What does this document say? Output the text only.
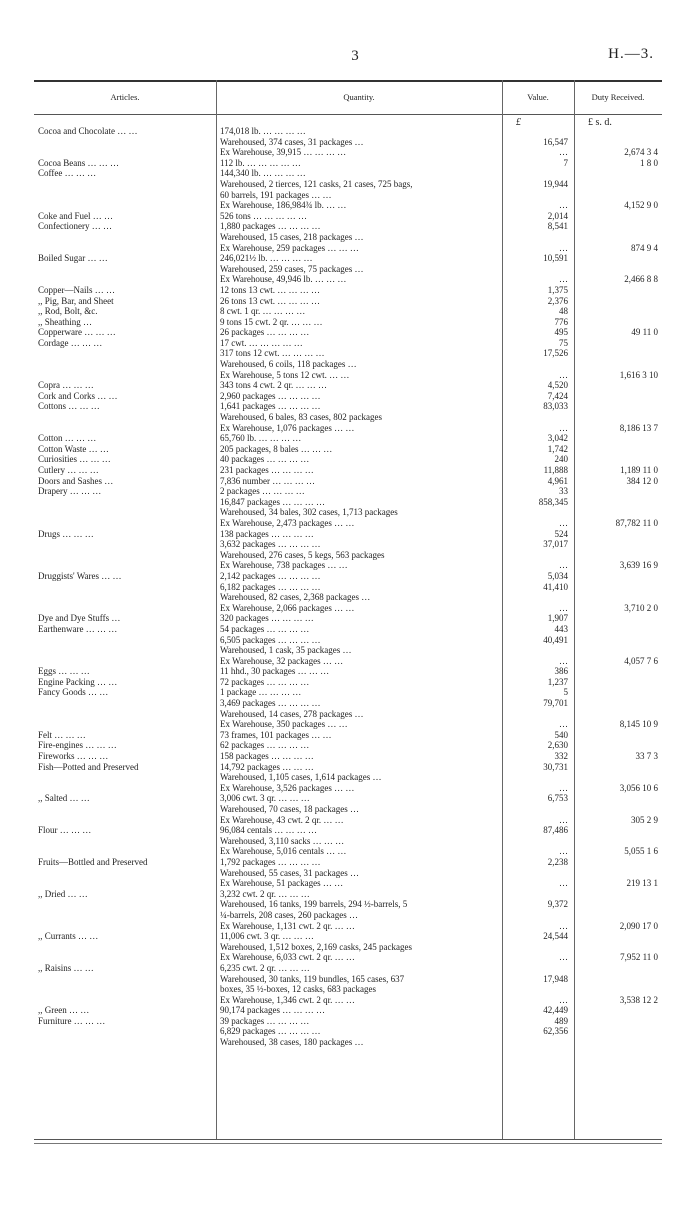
3	H.—3.
Articles.	Quantity.	Value.	Duty Received.
£	£ s. d.
Cocoa and Chocolate … …	174,018 lb. … … … …
Warehoused, 374 cases, 31 packages …	16,547
Ex Warehouse, 39,915 … … … …	…	2,674 3 4
Cocoa Beans … … …	112 lb. … … … … …	7	1 8 0
Coffee … … …	144,340 lb. … … … …
Warehoused, 2 tierces, 121 casks, 21 cases, 725 bags,	19,944
60 barrels, 191 packages … …
Ex Warehouse, 186,984¾ lb. … …	…	4,152 9 0
Coke and Fuel … …	526 tons … … … … …	2,014
Confectionery … …	1,880 packages … … … …	8,541
Warehoused, 15 cases, 218 packages …
Ex Warehouse, 259 packages … … …	…	874 9 4
Boiled Sugar … …	246,021½ lb. … … … …	10,591
Warehoused, 259 cases, 75 packages …
Ex Warehouse, 49,946 lb. … … …	…	2,466 8 8
Copper—Nails … …	12 tons 13 cwt. … … … …	1,375
,, Pig, Bar, and Sheet	26 tons 13 cwt. … … … …	2,376
,, Rod, Bolt, &c.	8 cwt. 1 qr. … … … …	48
,, Sheathing …	9 tons 15 cwt. 2 qr. … … …	776
Copperware … … …	26 packages … … … …	495	49 11 0
Cordage … … …	17 cwt. … … … … …	75
317 tons 12 cwt. … … … …	17,526
Warehoused, 6 coils, 118 packages …
Ex Warehouse, 5 tons 12 cwt. … …	…	1,616 3 10
Copra … … …	343 tons 4 cwt. 2 qr. … … …	4,520
Cork and Corks … …	2,960 packages … … … …	7,424
Cottons … … …	1,641 packages … … … …	83,033
Warehoused, 6 bales, 83 cases, 802 packages
Ex Warehouse, 1,076 packages … …	…	8,186 13 7
Cotton … … …	65,760 lb. … … … …	3,042
Cotton Waste … …	205 packages, 8 bales … … …	1,742
Curiosities … … …	40 packages … … … …	240
Cutlery … … …	231 packages … … … …	11,888	1,189 11 0
Doors and Sashes …	7,836 number … … … …	4,961	384 12 0
Drapery … … …	2 packages … … … …	33
16,847 packages … … … …	858,345
Warehoused, 34 bales, 302 cases, 1,713 packages
Ex Warehouse, 2,473 packages … …	…	87,782 11 0
Drugs … … …	138 packages … … … …	524
3,632 packages … … … …	37,017
Warehoused, 276 cases, 5 kegs, 563 packages
Ex Warehouse, 738 packages … …	…	3,639 16 9
Druggists' Wares … …	2,142 packages … … … …	5,034
6,182 packages … … … …	41,410
Warehoused, 82 cases, 2,368 packages …
Ex Warehouse, 2,066 packages … …	…	3,710 2 0
Dye and Dye Stuffs …	320 packages … … … …	1,907
Earthenware … … …	54 packages … … … …	443
6,505 packages … … … …	40,491
Warehoused, 1 cask, 35 packages …
Ex Warehouse, 32 packages … …	…	4,057 7 6
Eggs … … …	11 hhd., 30 packages … … …	386
Engine Packing … …	72 packages … … … …	1,237
Fancy Goods … …	1 package … … … …	5
3,469 packages … … … …	79,701
Warehoused, 14 cases, 278 packages …
Ex Warehouse, 350 packages … …	…	8,145 10 9
Felt … … …	73 frames, 101 packages … …	540
Fire-engines … … …	62 packages … … … …	2,630
Fireworks … … …	158 packages … … … …	332	33 7 3
Fish—Potted and Preserved	14,792 packages … … …	30,731
Warehoused, 1,105 cases, 1,614 packages …
Ex Warehouse, 3,526 packages … …	…	3,056 10 6
,, Salted … …	3,006 cwt. 3 qr. … … …	6,753
Warehoused, 70 cases, 18 packages …
Ex Warehouse, 43 cwt. 2 qr. … …	…	305 2 9
Flour … … …	96,084 centals … … … …	87,486
Warehoused, 3,110 sacks … … …
Ex Warehouse, 5,016 centals … …	…	5,055 1 6
Fruits—Bottled and Preserved	1,792 packages … … … …	2,238
Warehoused, 55 cases, 31 packages …
Ex Warehouse, 51 packages … …	…	219 13 1
,, Dried … …	3,232 cwt. 2 qr. … … …
Warehoused, 16 tanks, 199 barrels, 294 ½-barrels, 5	9,372
¼-barrels, 208 cases, 260 packages …
Ex Warehouse, 1,131 cwt. 2 qr. … …	…	2,090 17 0
,, Currants … …	11,006 cwt. 3 qr. … … …	24,544
Warehoused, 1,512 boxes, 2,169 casks, 245 packages
Ex Warehouse, 6,033 cwt. 2 qr. … …	…	7,952 11 0
,, Raisins … …	6,235 cwt. 2 qr. … … …
Warehoused, 30 tanks, 119 bundles, 165 cases, 637	17,948
boxes, 35 ½-boxes, 12 casks, 683 packages
Ex Warehouse, 1,346 cwt. 2 qr. … …	…	3,538 12 2
,, Green … …	90,174 packages … … … …	42,449
Furniture … … …	39 packages … … … …	489
6,829 packages … … … …	62,356
Warehoused, 38 cases, 180 packages …
